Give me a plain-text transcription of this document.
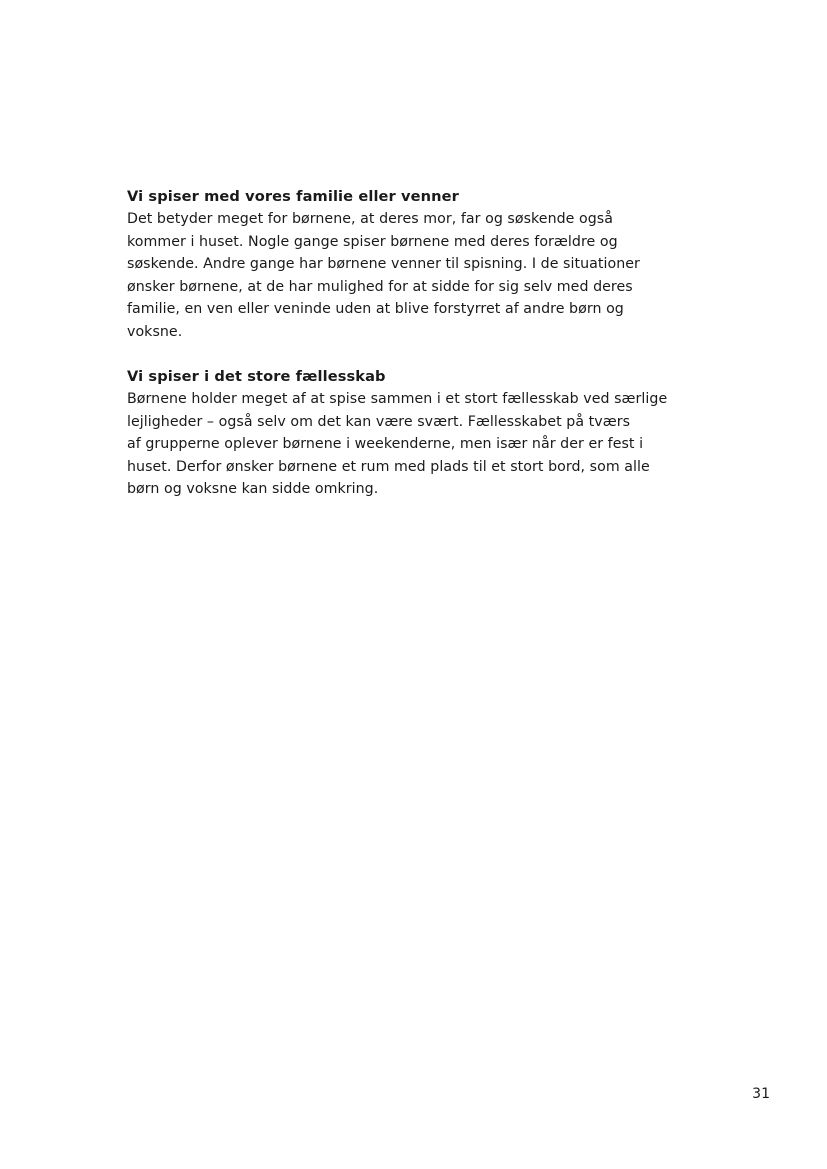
Vi spiser med vores familie eller venner
Det betyder meget for børnene, at deres mor, far og søskende også
kommer i huset. Nogle gange spiser børnene med deres forældre og
søskende. Andre gange har børnene venner til spisning. I de situationer
ønsker børnene, at de har mulighed for at sidde for sig selv med deres
familie, en ven eller veninde uden at blive forstyrret af andre børn og
voksne.
Vi spiser i det store fællesskab
Børnene holder meget af at spise sammen i et stort fællesskab ved særlige
lejligheder – også selv om det kan være svært. Fællesskabet på tværs
af grupperne oplever børnene i weekenderne, men især når der er fest i
huset. Derfor ønsker børnene et rum med plads til et stort bord, som alle
børn og voksne kan sidde omkring.
31
